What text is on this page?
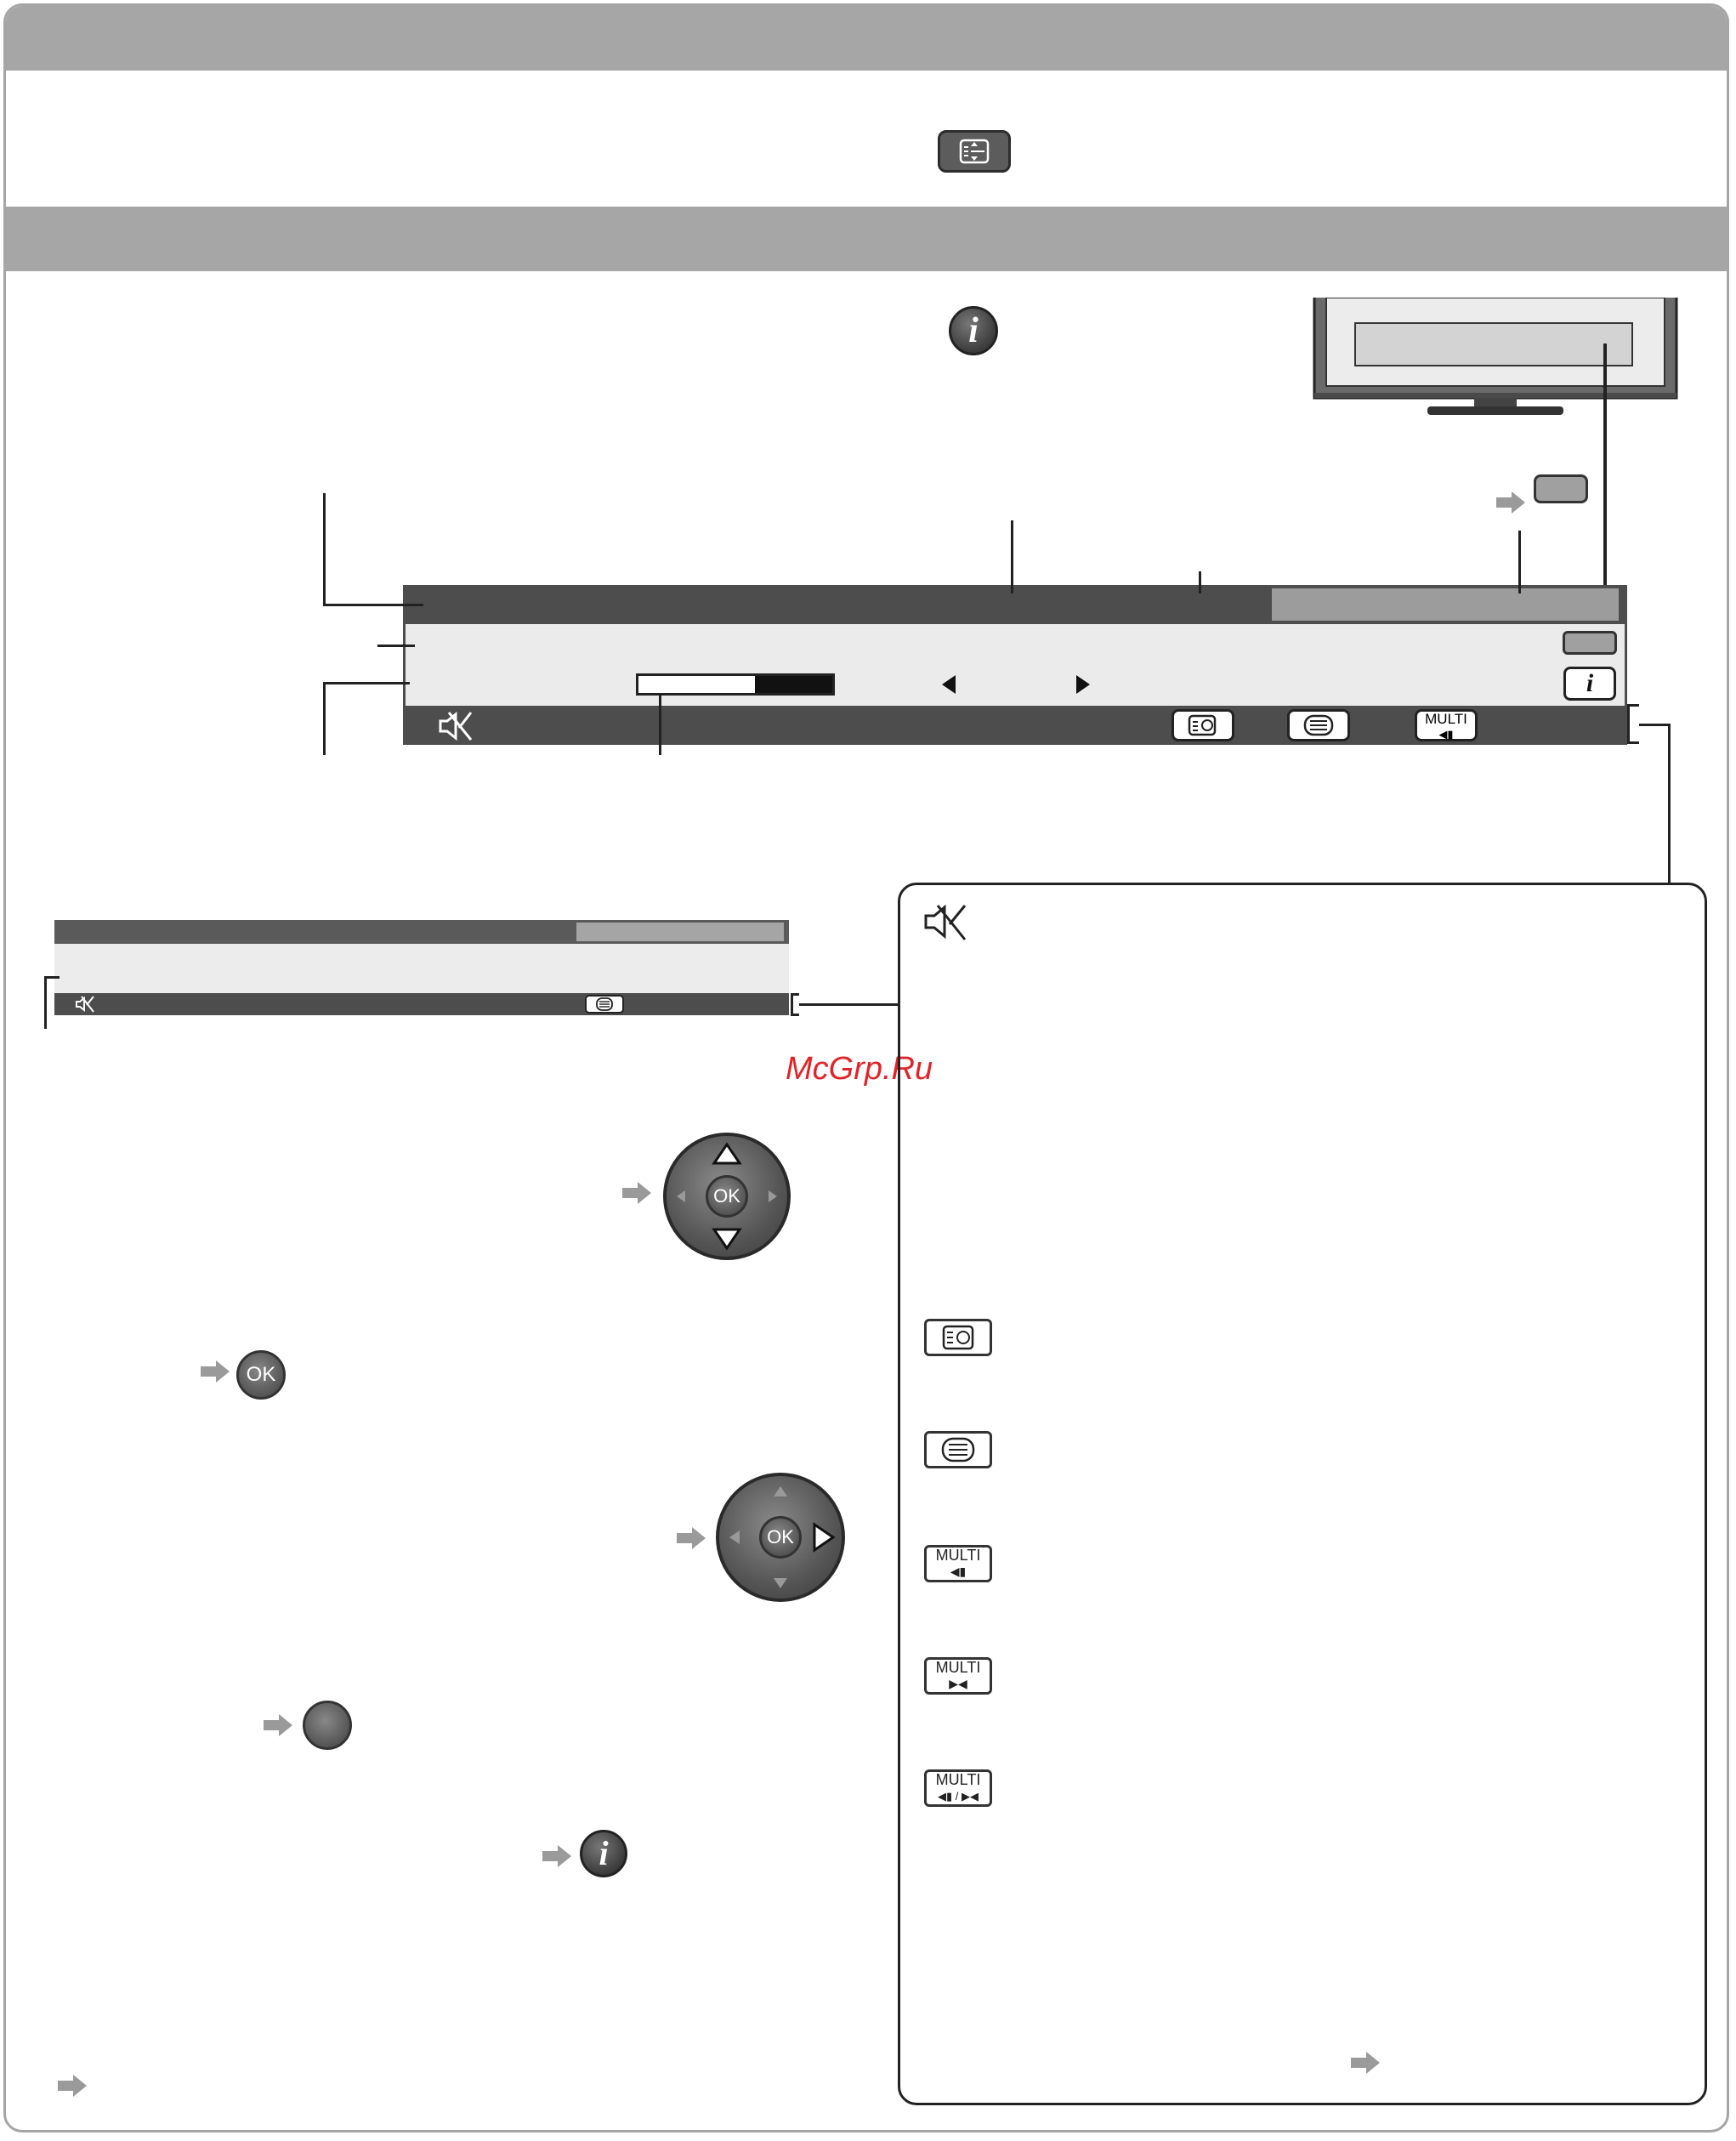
i
i
MULTI
◀▮
McGrp.Ru
MULTI
◀▮
MULTI
▶◀
MULTI
◀▮ / ▶◀
OK
OK
OK
i
